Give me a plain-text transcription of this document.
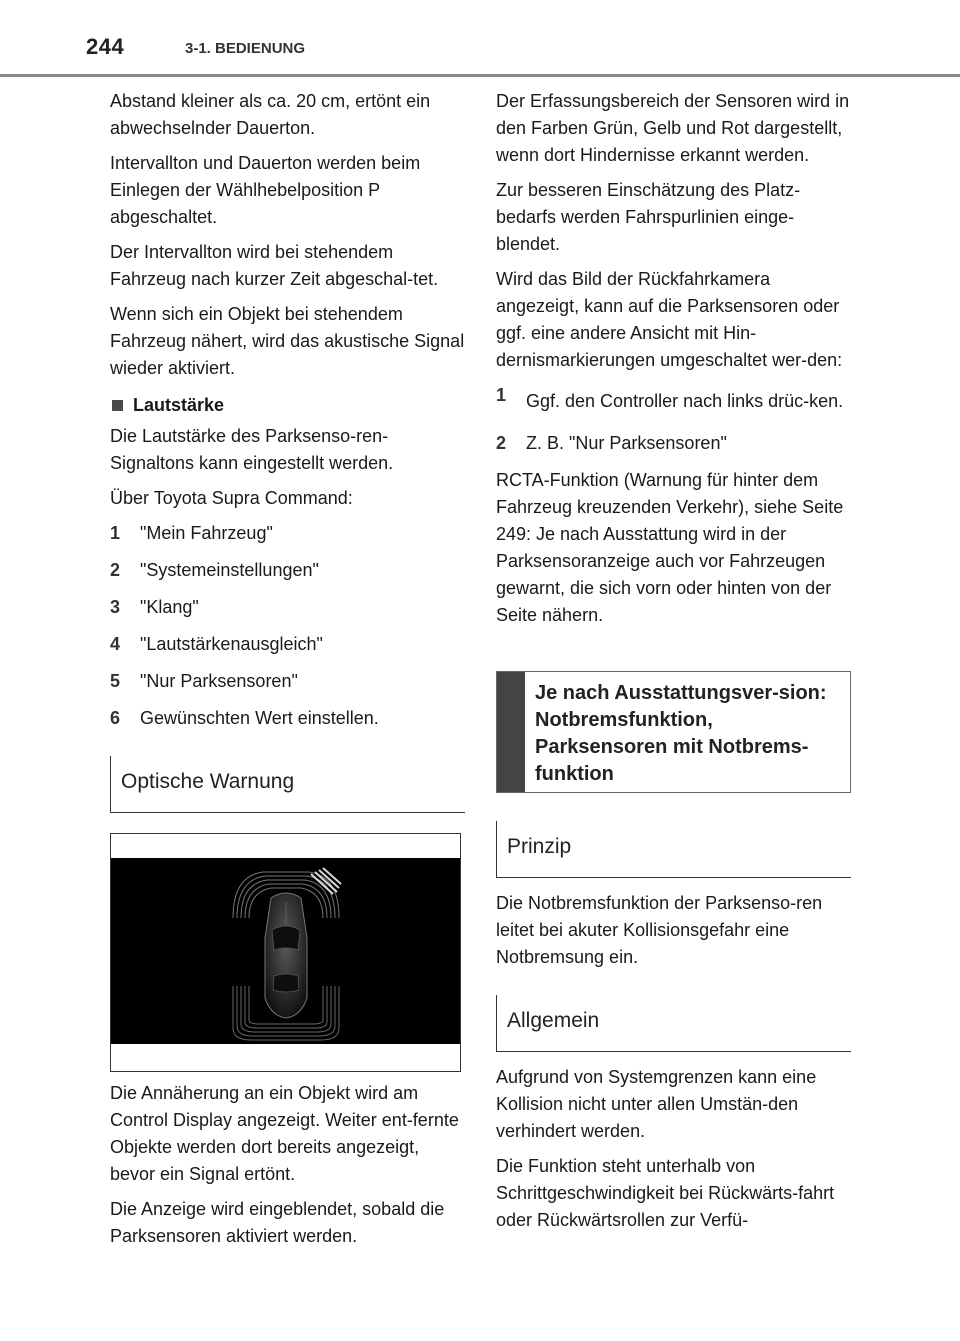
244	3-1. BEDIENUNG

Abstand kleiner als ca. 20 cm, ertönt ein abwechselnder Dauerton.

Intervallton und Dauerton werden beim Einlegen der Wählhebelposition P abgeschaltet.

Der Intervallton wird bei stehendem Fahrzeug nach kurzer Zeit abgeschal-tet.

Wenn sich ein Objekt bei stehendem Fahrzeug nähert, wird das akustische Signal wieder aktiviert.

Lautstärke

Die Lautstärke des Parksenso-ren-Signaltons kann eingestellt werden.

Über Toyota Supra Command:

1	"Mein Fahrzeug"
2	"Systemeinstellungen"
3	"Klang"
4	"Lautstärkenausgleich"
5	"Nur Parksensoren"
6	Gewünschten Wert einstellen.
Optische Warnung

Die Annäherung an ein Objekt wird am Control Display angezeigt. Weiter ent-fernte Objekte werden dort bereits angezeigt, bevor ein Signal ertönt.

Die Anzeige wird eingeblendet, sobald die Parksensoren aktiviert werden.

Der Erfassungsbereich der Sensoren wird in den Farben Grün, Gelb und Rot dargestellt, wenn dort Hindernisse erkannt werden.

Zur besseren Einschätzung des Platz-bedarfs werden Fahrspurlinien einge-blendet.

Wird das Bild der Rückfahrkamera angezeigt, kann auf die Parksensoren oder ggf. eine andere Ansicht mit Hin-dernismarkierungen umgeschaltet wer-den:

1	Ggf. den Controller nach links drüc-ken.
2	Z. B. "Nur Parksensoren"

RCTA-Funktion (Warnung für hinter dem Fahrzeug kreuzenden Verkehr), siehe Seite 249: Je nach Ausstattung wird in der Parksensoranzeige auch vor Fahrzeugen gewarnt, die sich vorn oder hinten von der Seite nähern.

Je nach Ausstattungsver-sion: Notbremsfunktion, Parksensoren mit Notbrems-funktion
Prinzip

Die Notbremsfunktion der Parksenso-ren leitet bei akuter Kollisionsgefahr eine Notbremsung ein.

Allgemein

Aufgrund von Systemgrenzen kann eine Kollision nicht unter allen Umstän-den verhindert werden.

Die Funktion steht unterhalb von Schrittgeschwindigkeit bei Rückwärts-fahrt oder Rückwärtsrollen zur Verfü-
